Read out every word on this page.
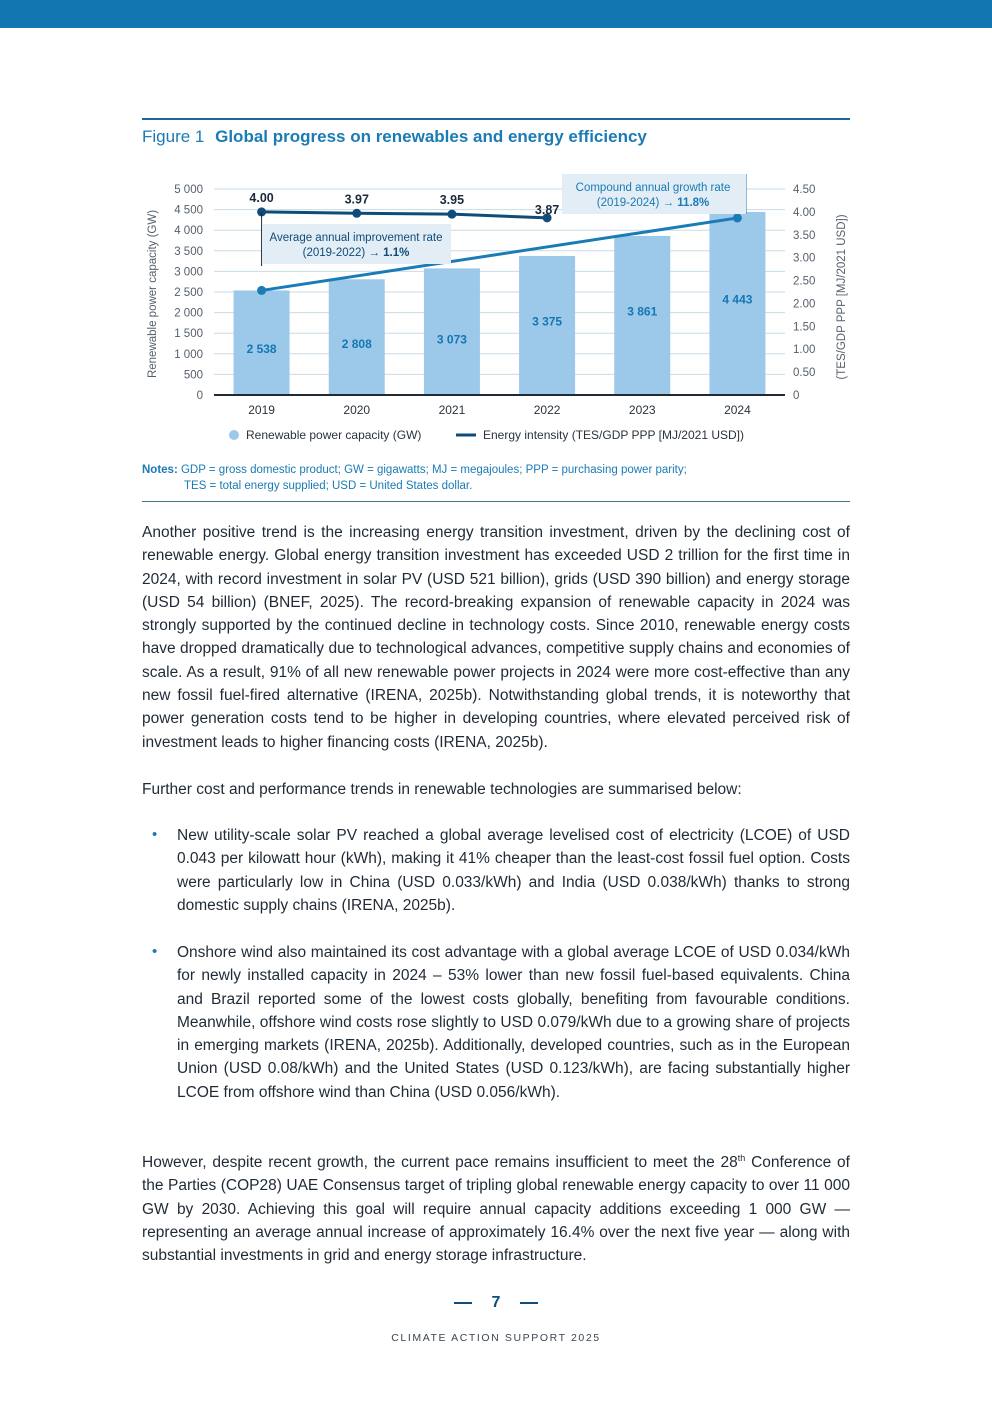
Figure 1 Global progress on renewables and energy efficiency
5 000
4 500
4 000
3 500
3 000
2 500
2 000
1 500
1 000
500
0
4.50
4.00
3.50
3.00
2.50
2.00
1.50
1.00
0.50
0
Renewable power capacity (GW)	(TES/GDP PPP [MJ/2021 USD])
2019	2020	2021	2022	2023	2024
2 538	2 808	3 073
3 375
3 861
4 443
4.00	3.97	3.95
3.87
Average annual improvement rate
(2019-2022) → 1.1%
Compound annual growth rate
(2019-2024) → 11.8%
Renewable power capacity (GW)	Energy intensity (TES/GDP PPP [MJ/2021 USD])
Notes: GDP = gross domestic product; GW = gigawatts; MJ = megajoules; PPP = purchasing power parity;
TES = total energy supplied; USD = United States dollar.

Another positive trend is the increasing energy transition investment, driven by the declining cost of renewable energy. Global energy transition investment has exceeded USD 2 trillion for the first time in 2024, with record investment in solar PV (USD 521 billion), grids (USD 390 billion) and energy storage (USD 54 billion) (BNEF, 2025). The record-breaking expansion of renewable capacity in 2024 was strongly supported by the continued decline in technology costs. Since 2010, renewable energy costs have dropped dramatically due to technological advances, competitive supply chains and economies of scale. As a result, 91% of all new renewable power projects in 2024 were more cost-effective than any new fossil fuel-fired alternative (IRENA, 2025b). Notwithstanding global trends, it is noteworthy that power generation costs tend to be higher in developing countries, where elevated perceived risk of investment leads to higher financing costs (IRENA, 2025b).

Further cost and performance trends in renewable technologies are summarised below:

• New utility-scale solar PV reached a global average levelised cost of electricity (LCOE) of USD 0.043 per kilowatt hour (kWh), making it 41% cheaper than the least-cost fossil fuel option. Costs were particularly low in China (USD 0.033/kWh) and India (USD 0.038/kWh) thanks to strong domestic supply chains (IRENA, 2025b).

• Onshore wind also maintained its cost advantage with a global average LCOE of USD 0.034/kWh for newly installed capacity in 2024 – 53% lower than new fossil fuel-based equivalents. China and Brazil reported some of the lowest costs globally, benefiting from favourable conditions. Meanwhile, offshore wind costs rose slightly to USD 0.079/kWh due to a growing share of projects in emerging markets (IRENA, 2025b). Additionally, developed countries, such as in the European Union (USD 0.08/kWh) and the United States (USD 0.123/kWh), are facing substantially higher LCOE from offshore wind than China (USD 0.056/kWh).

However, despite recent growth, the current pace remains insufficient to meet the 28th Conference of the Parties (COP28) UAE Consensus target of tripling global renewable energy capacity to over 11 000 GW by 2030. Achieving this goal will require annual capacity additions exceeding 1 000 GW — representing an average annual increase of approximately 16.4% over the next five year — along with substantial investments in grid and energy storage infrastructure.

7
CLIMATE ACTION SUPPORT 2025
